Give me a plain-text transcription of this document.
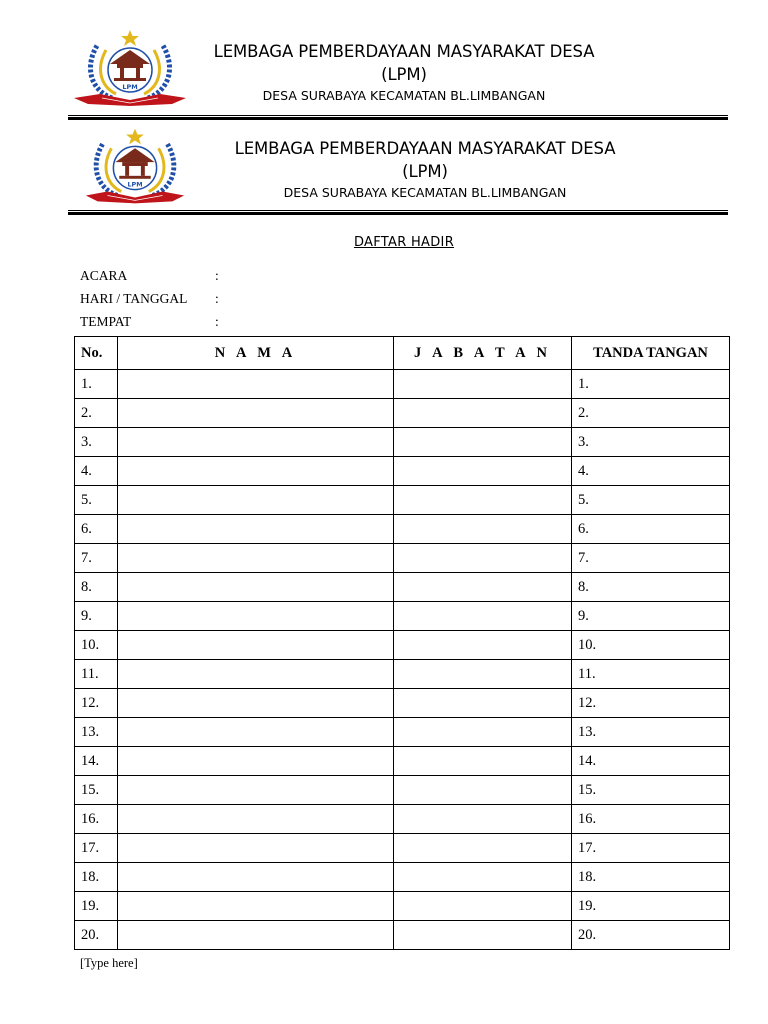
LPM
LEMBAGA PEMBERDAYAAN MASYARAKAT DESA
(LPM)
DESA SURABAYA KECAMATAN BL.LIMBANGAN
LPM
LEMBAGA PEMBERDAYAAN MASYARAKAT DESA
(LPM)
DESA SURABAYA KECAMATAN BL.LIMBANGAN
DAFTAR HADIR
ACARA	:
HARI / TANGGAL :
TEMPAT	:
No.	N A M A	J A B A T A N	TANDA TANGAN
1.			1.
2.			2.
3.			3.
4.			4.
5.			5.
6.			6.
7.			7.
8.			8.
9.			9.
10.			10.
11.			11.
12.			12.
13.			13.
14.			14.
15.			15.
16.			16.
17.			17.
18.			18.
19.			19.
20.			20.
[Type here]
